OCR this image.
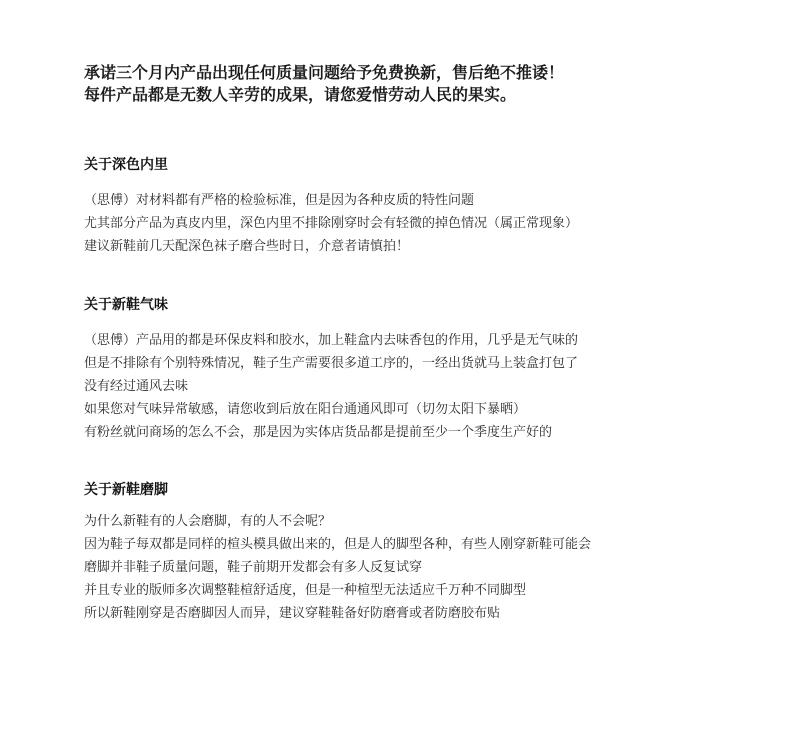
承诺三个月内产品出现任何质量问题给予免费换新，售后绝不推诿！
每件产品都是无数人辛劳的成果，请您爱惜劳动人民的果实。
关于深色内里
（思傅）对材料都有严格的检验标准，但是因为各种皮质的特性问题
尤其部分产品为真皮内里，深色内里不排除刚穿时会有轻微的掉色情况（属正常现象）
建议新鞋前几天配深色袜子磨合些时日，介意者请慎拍！
关于新鞋气味
（思傅）产品用的都是环保皮料和胶水，加上鞋盒内去味香包的作用，几乎是无气味的
但是不排除有个别特殊情况，鞋子生产需要很多道工序的，一经出货就马上装盒打包了
没有经过通风去味
如果您对气味异常敏感，请您收到后放在阳台通通风即可（切勿太阳下暴晒）
有粉丝就问商场的怎么不会，那是因为实体店货品都是提前至少一个季度生产好的
关于新鞋磨脚
为什么新鞋有的人会磨脚，有的人不会呢？
因为鞋子每双都是同样的楦头模具做出来的，但是人的脚型各种，有些人刚穿新鞋可能会
磨脚并非鞋子质量问题，鞋子前期开发都会有多人反复试穿
并且专业的版师多次调整鞋楦舒适度，但是一种楦型无法适应千万种不同脚型
所以新鞋刚穿是否磨脚因人而异，建议穿鞋鞋备好防磨膏或者防磨胶布贴
